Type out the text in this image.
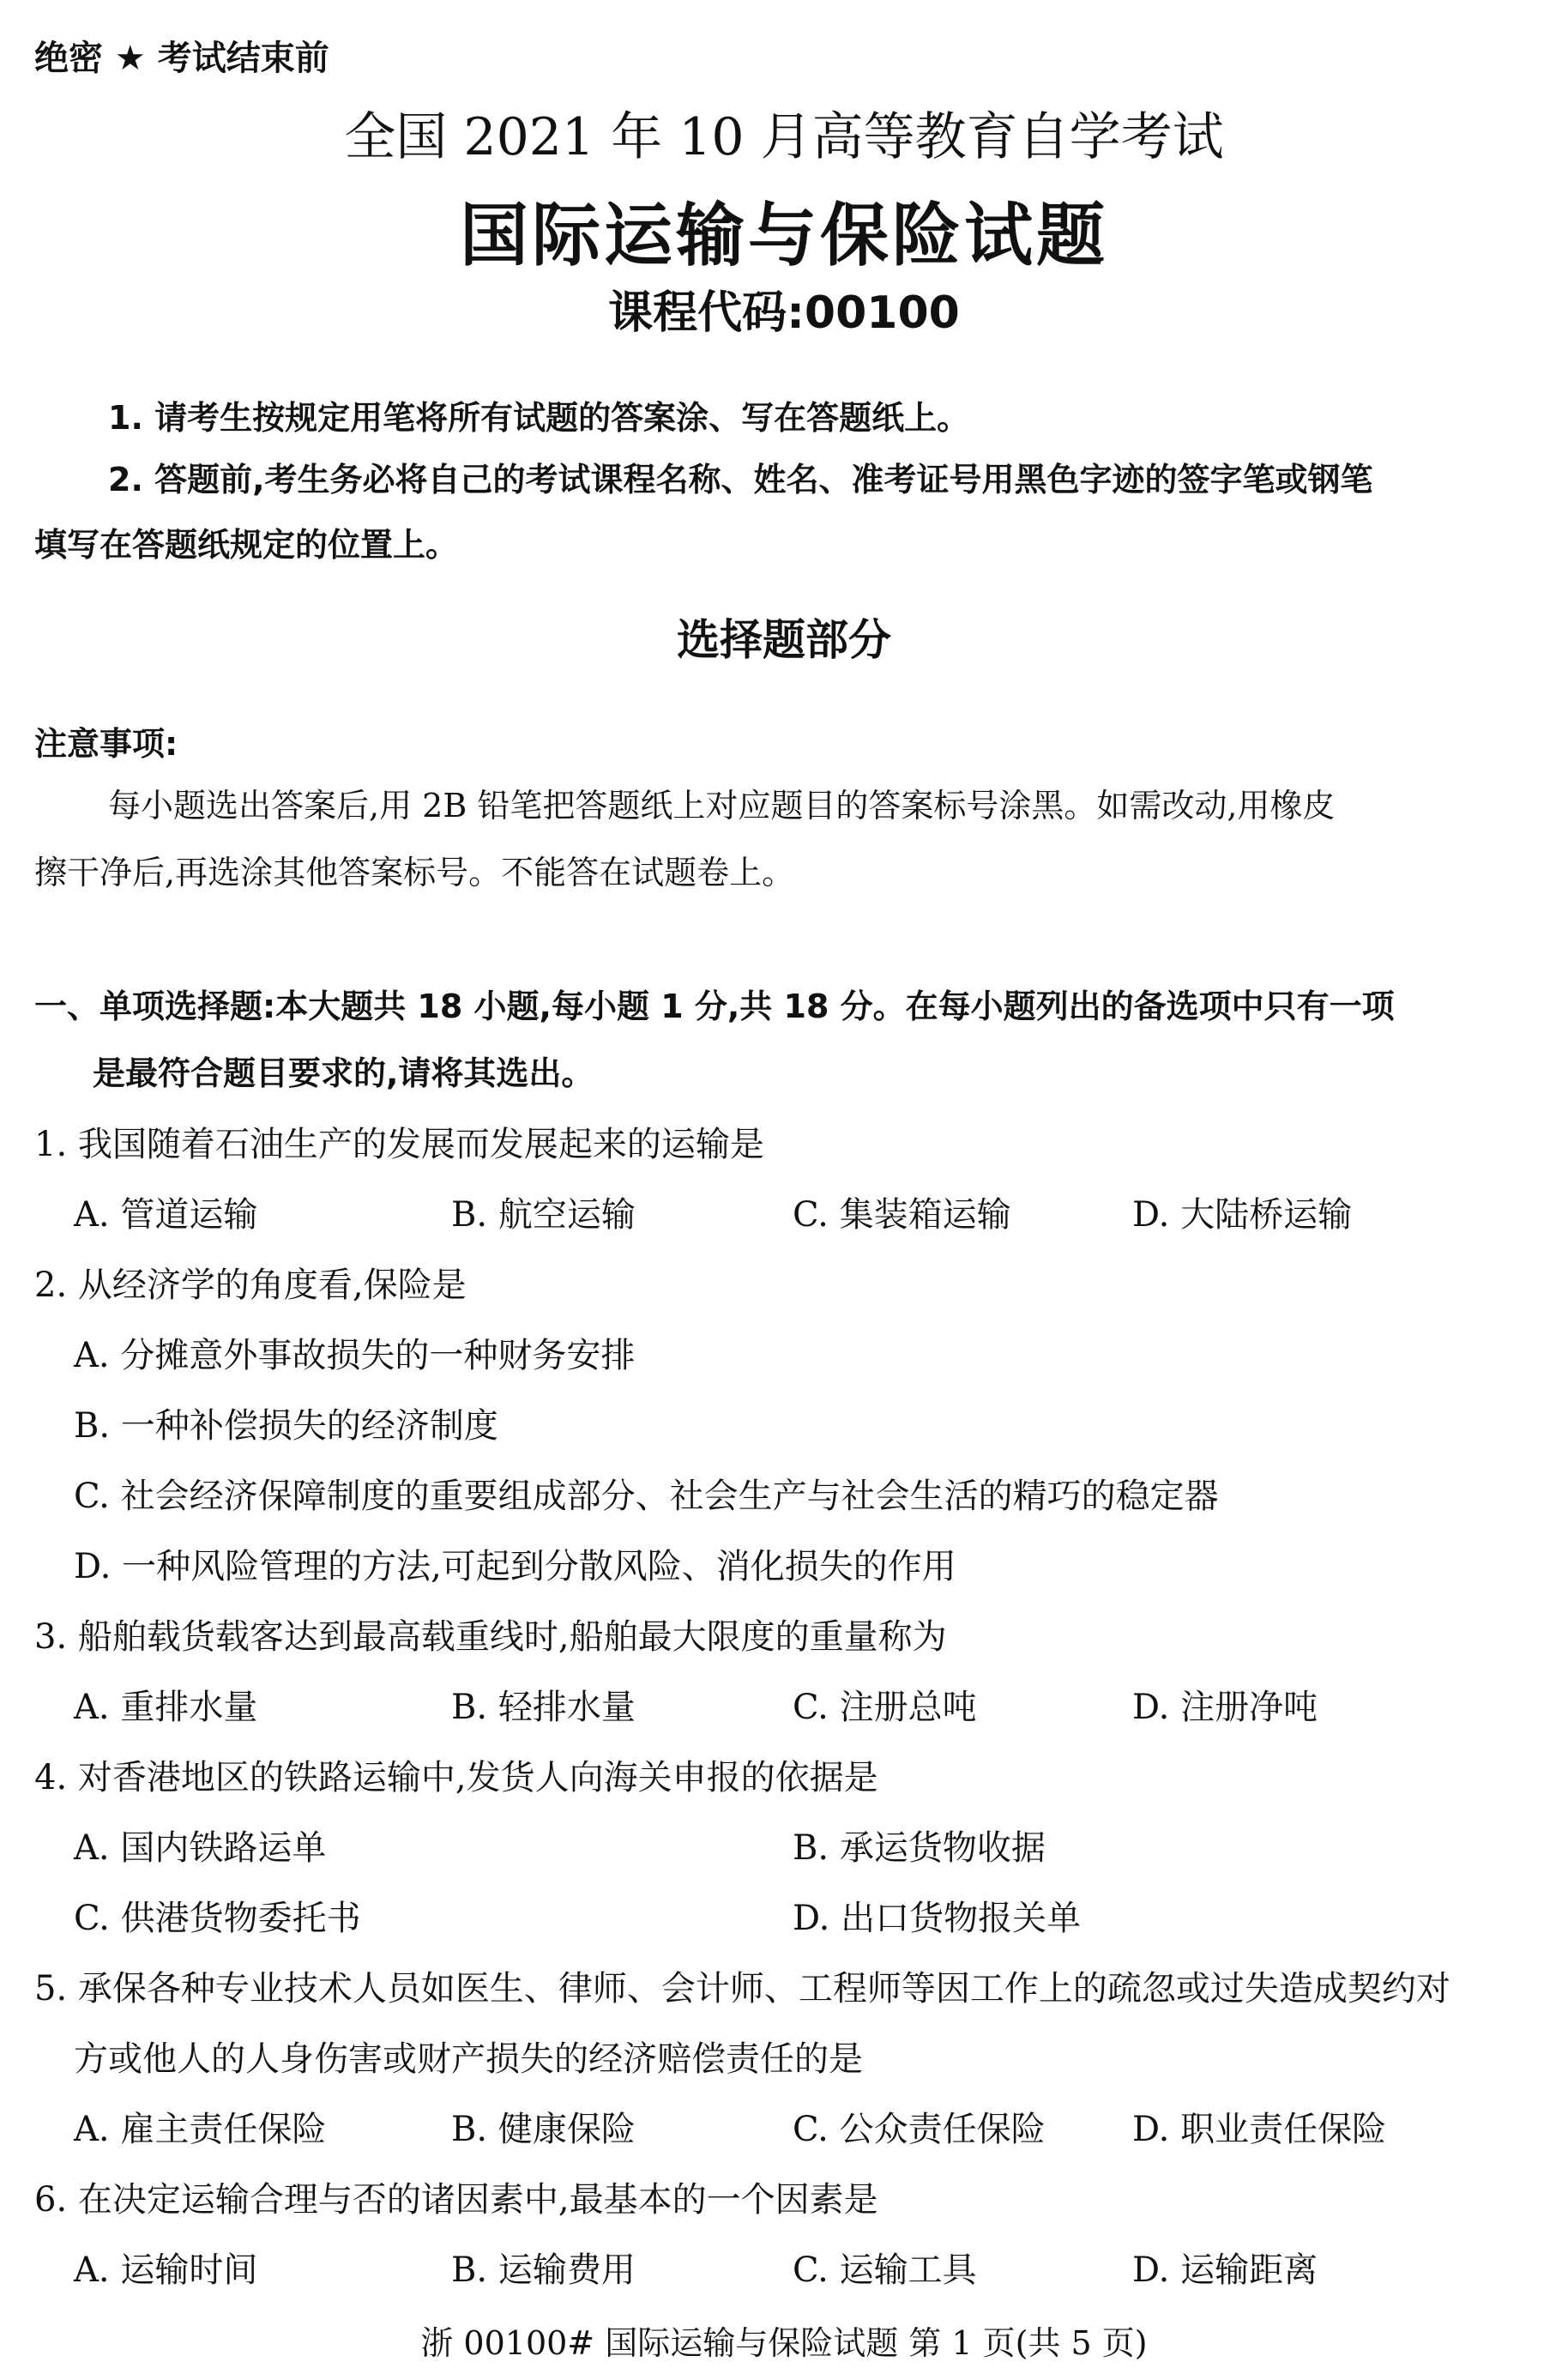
绝密 ★ 考试结束前
全国 2021 年 10 月高等教育自学考试
国际运输与保险试题
课程代码:00100
1. 请考生按规定用笔将所有试题的答案涂、写在答题纸上。
2. 答题前,考生务必将自己的考试课程名称、姓名、准考证号用黑色字迹的签字笔或钢笔
填写在答题纸规定的位置上。
选择题部分
注意事项:
每小题选出答案后,用 2B 铅笔把答题纸上对应题目的答案标号涂黑。如需改动,用橡皮
擦干净后,再选涂其他答案标号。不能答在试题卷上。
一、单项选择题:本大题共 18 小题,每小题 1 分,共 18 分。在每小题列出的备选项中只有一项
是最符合题目要求的,请将其选出。
1. 我国随着石油生产的发展而发展起来的运输是
A. 管道运输	B. 航空运输	C. 集装箱运输	D. 大陆桥运输
2. 从经济学的角度看,保险是
A. 分摊意外事故损失的一种财务安排
B. 一种补偿损失的经济制度
C. 社会经济保障制度的重要组成部分、社会生产与社会生活的精巧的稳定器
D. 一种风险管理的方法,可起到分散风险、消化损失的作用
3. 船舶载货载客达到最高载重线时,船舶最大限度的重量称为
A. 重排水量	B. 轻排水量	C. 注册总吨	D. 注册净吨
4. 对香港地区的铁路运输中,发货人向海关申报的依据是
A. 国内铁路运单	B. 承运货物收据
C. 供港货物委托书	D. 出口货物报关单
5. 承保各种专业技术人员如医生、律师、会计师、工程师等因工作上的疏忽或过失造成契约对
方或他人的人身伤害或财产损失的经济赔偿责任的是
A. 雇主责任保险	B. 健康保险	C. 公众责任保险	D. 职业责任保险
6. 在决定运输合理与否的诸因素中,最基本的一个因素是
A. 运输时间	B. 运输费用	C. 运输工具	D. 运输距离
浙 00100# 国际运输与保险试题 第 1 页(共 5 页)
